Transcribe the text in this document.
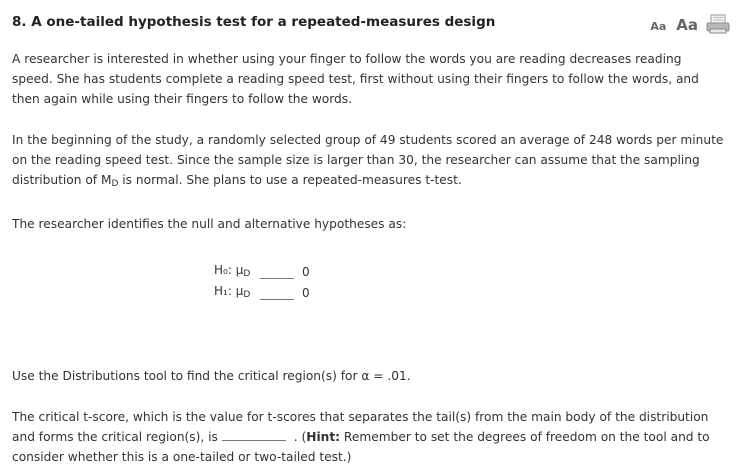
8. A one-tailed hypothesis test for a repeated-measures design	Aa Aa

A researcher is interested in whether using your finger to follow the words you are reading decreases reading speed. She has students complete a reading speed test, first without using their fingers to follow the words, and then again while using their fingers to follow the words.

In the beginning of the study, a randomly selected group of 49 students scored an average of 248 words per minute on the reading speed test. Since the sample size is larger than 30, the researcher can assume that the sampling distribution of $M_D$ is normal. She plans to use a repeated-measures t-test.

The researcher identifies the null and alternative hypotheses as:

H₀: $\mu_D$	0
H₁: $\mu_D$	0

Use the Distributions tool to find the critical region(s) for α = .01.

The critical t-score, which is the value for t-scores that separates the tail(s) from the main body of the distribution and forms the critical region(s), is	. (Hint: Remember to set the degrees of freedom on the tool and to consider whether this is a one-tailed or two-tailed test.)
